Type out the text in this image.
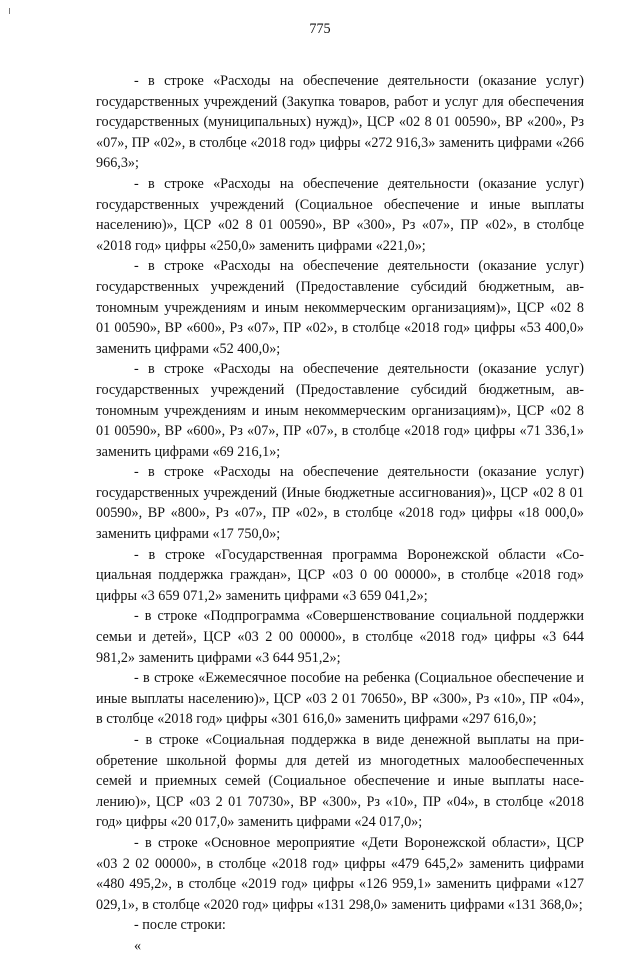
775

- в строке «Расходы на обеспечение деятельности (оказание услуг) государственных учреждений (Закупка товаров, работ и услуг для обеспечения государственных (муниципальных) нужд)», ЦСР «02 8 01 00590», ВР «200», Рз «07», ПР «02», в столбце «2018 год» цифры «272 916,3» заменить цифрами «266 966,3»;

- в строке «Расходы на обеспечение деятельности (оказание услуг) государственных учреждений (Социальное обеспечение и иные выплаты населению)», ЦСР «02 8 01 00590», ВР «300», Рз «07», ПР «02», в столбце «2018 год» цифры «250,0» заменить цифрами «221,0»;

- в строке «Расходы на обеспечение деятельности (оказание услуг) государственных учреждений (Предоставление субсидий бюджетным, автономным учреждениям и иным некоммерческим организациям)», ЦСР «02 8 01 00590», ВР «600», Рз «07», ПР «02», в столбце «2018 год» цифры «53 400,0» заменить цифрами «52 400,0»;

- в строке «Расходы на обеспечение деятельности (оказание услуг) государственных учреждений (Предоставление субсидий бюджетным, автономным учреждениям и иным некоммерческим организациям)», ЦСР «02 8 01 00590», ВР «600», Рз «07», ПР «07», в столбце «2018 год» цифры «71 336,1» заменить цифрами «69 216,1»;

- в строке «Расходы на обеспечение деятельности (оказание услуг) государственных учреждений (Иные бюджетные ассигнования)», ЦСР «02 8 01 00590», ВР «800», Рз «07», ПР «02», в столбце «2018 год» цифры «18 000,0» заменить цифрами «17 750,0»;

- в строке «Государственная программа Воронежской области «Социальная поддержка граждан», ЦСР «03 0 00 00000», в столбце «2018 год» цифры «3 659 071,2» заменить цифрами «3 659 041,2»;

- в строке «Подпрограмма «Совершенствование социальной поддержки семьи и детей», ЦСР «03 2 00 00000», в столбце «2018 год» цифры «3 644 981,2» заменить цифрами «3 644 951,2»;

- в строке «Ежемесячное пособие на ребенка (Социальное обеспечение и иные выплаты населению)», ЦСР «03 2 01 70650», ВР «300», Рз «10», ПР «04», в столбце «2018 год» цифры «301 616,0» заменить цифрами «297 616,0»;

- в строке «Социальная поддержка в виде денежной выплаты на приобретение школьной формы для детей из многодетных малообеспеченных семей и приемных семей (Социальное обеспечение и иные выплаты населению)», ЦСР «03 2 01 70730», ВР «300», Рз «10», ПР «04», в столбце «2018 год» цифры «20 017,0» заменить цифрами «24 017,0»;

- в строке «Основное мероприятие «Дети Воронежской области», ЦСР «03 2 02 00000», в столбце «2018 год» цифры «479 645,2» заменить цифрами «480 495,2», в столбце «2019 год» цифры «126 959,1» заменить цифрами «127 029,1», в столбце «2020 год» цифры «131 298,0» заменить цифрами «131 368,0»;

- после строки:

«
